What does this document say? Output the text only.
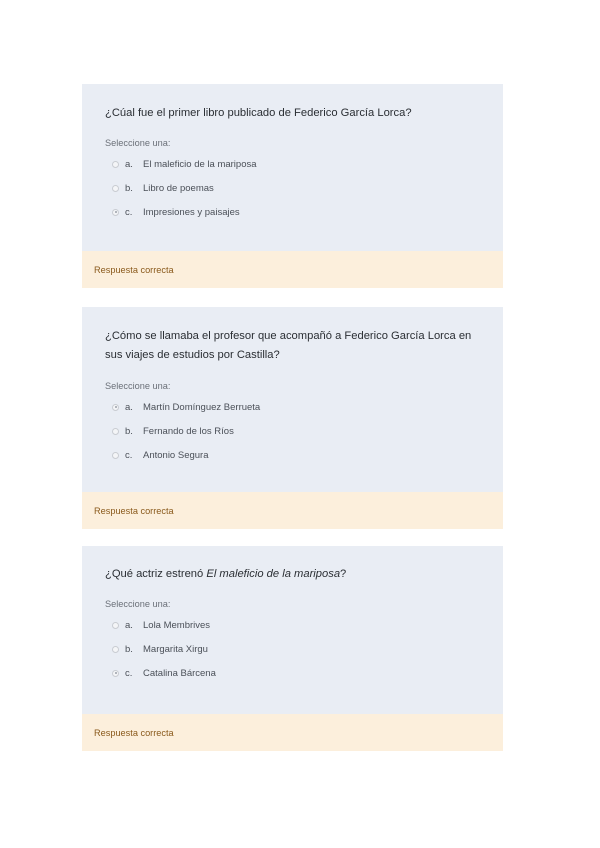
¿Cúal fue el primer libro publicado de Federico García Lorca?

Seleccione una:

a.	El maleficio de la mariposa
b.	Libro de poemas
c.	Impresiones y paisajes
Respuesta correcta

¿Cómo se llamaba el profesor que acompañó a Federico García Lorca en sus viajes de estudios por Castilla?

Seleccione una:

a.	Martín Domínguez Berrueta
b.	Fernando de los Ríos
c.	Antonio Segura
Respuesta correcta

¿Qué actriz estrenó El maleficio de la mariposa?

Seleccione una:

a.	Lola Membrives
b.	Margarita Xirgu
c.	Catalina Bárcena
Respuesta correcta
